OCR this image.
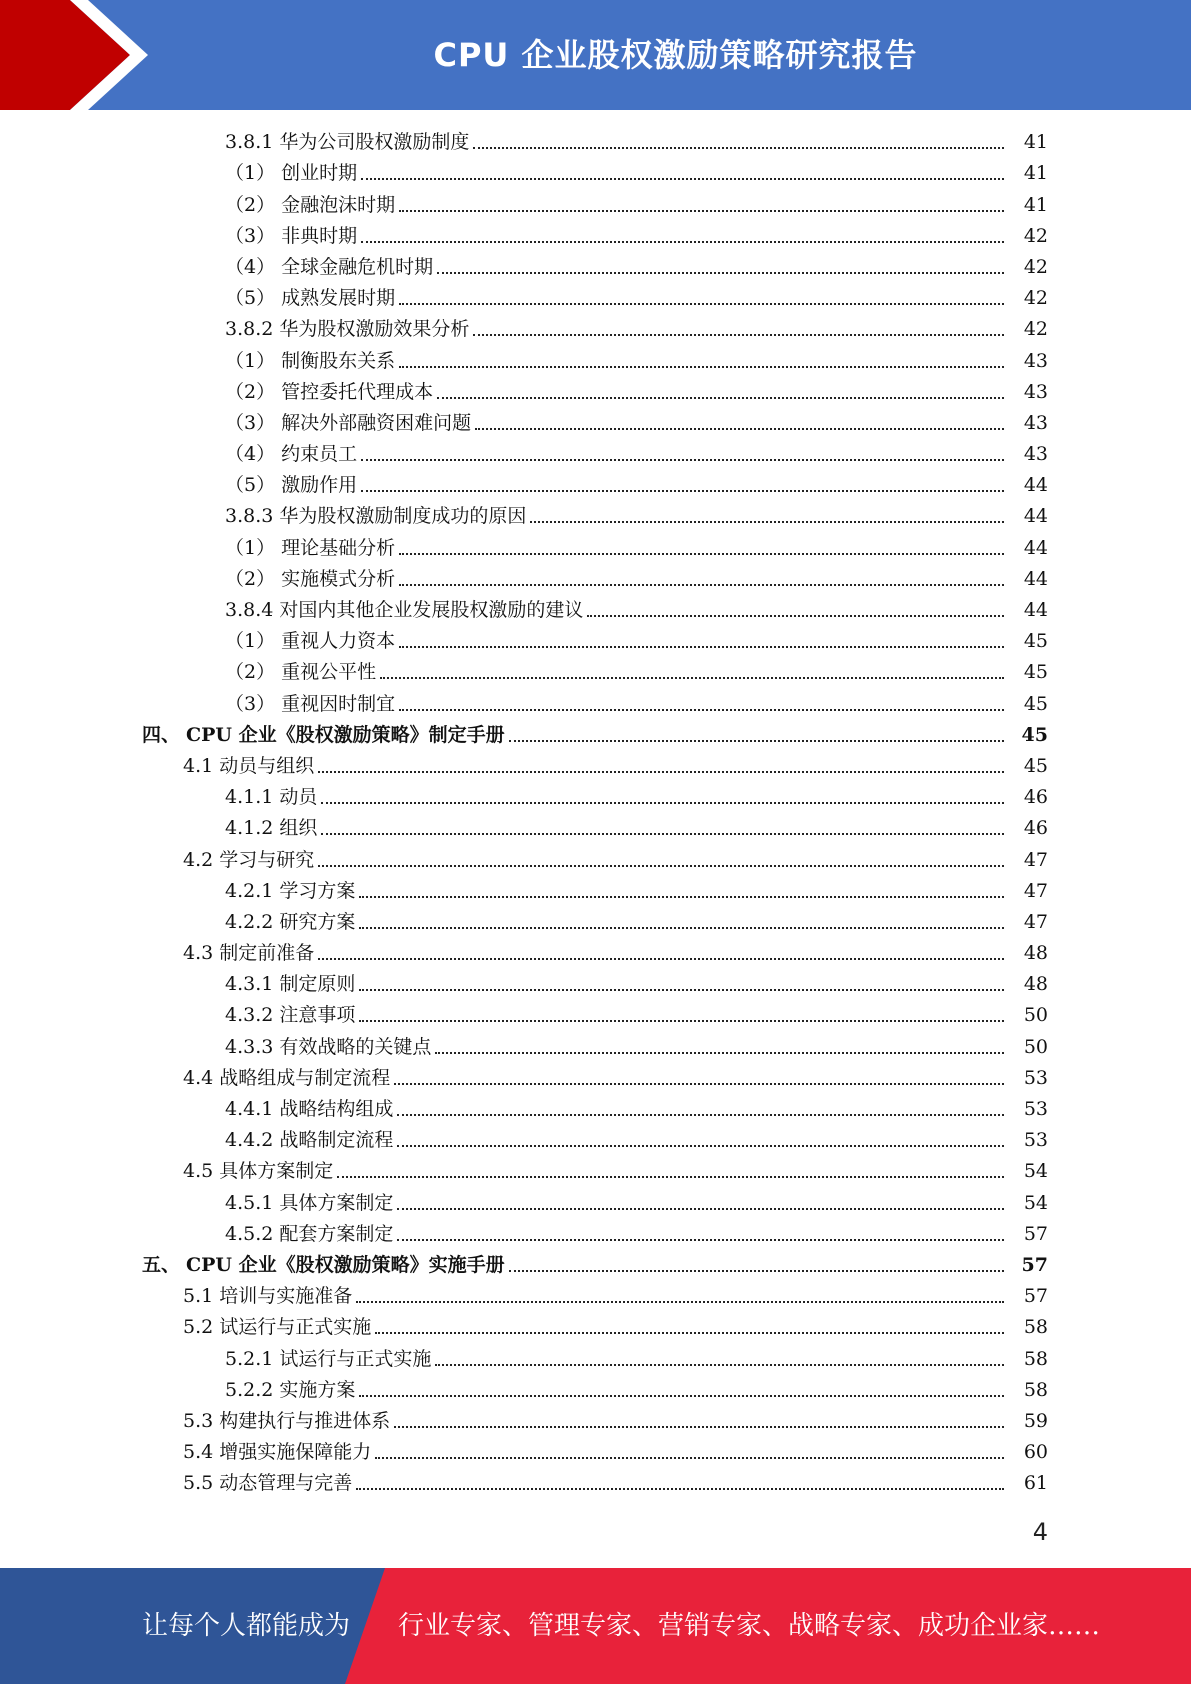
CPU 企业股权激励策略研究报告
3.8.1 华为公司股权激励制度	41
（1） 创业时期	41
（2） 金融泡沫时期	41
（3） 非典时期	42
（4） 全球金融危机时期	42
（5） 成熟发展时期	42
3.8.2 华为股权激励效果分析	42
（1） 制衡股东关系	43
（2） 管控委托代理成本	43
（3） 解决外部融资困难问题	43
（4） 约束员工	43
（5） 激励作用	44
3.8.3 华为股权激励制度成功的原因	44
（1） 理论基础分析	44
（2） 实施模式分析	44
3.8.4 对国内其他企业发展股权激励的建议	44
（1） 重视人力资本	45
（2） 重视公平性	45
（3） 重视因时制宜	45
四、 CPU 企业《股权激励策略》制定手册	45
4.1 动员与组织	45
4.1.1 动员	46
4.1.2 组织	46
4.2 学习与研究	47
4.2.1 学习方案	47
4.2.2 研究方案	47
4.3 制定前准备	48
4.3.1 制定原则	48
4.3.2 注意事项	50
4.3.3 有效战略的关键点	50
4.4 战略组成与制定流程	53
4.4.1 战略结构组成	53
4.4.2 战略制定流程	53
4.5 具体方案制定	54
4.5.1 具体方案制定	54
4.5.2 配套方案制定	57
五、 CPU 企业《股权激励策略》实施手册	57
5.1 培训与实施准备	57
5.2 试运行与正式实施	58
5.2.1 试运行与正式实施	58
5.2.2 实施方案	58
5.3 构建执行与推进体系	59
5.4 增强实施保障能力	60
5.5 动态管理与完善	61
4
让每个人都能成为 行业专家、管理专家、营销专家、战略专家、成功企业家……
